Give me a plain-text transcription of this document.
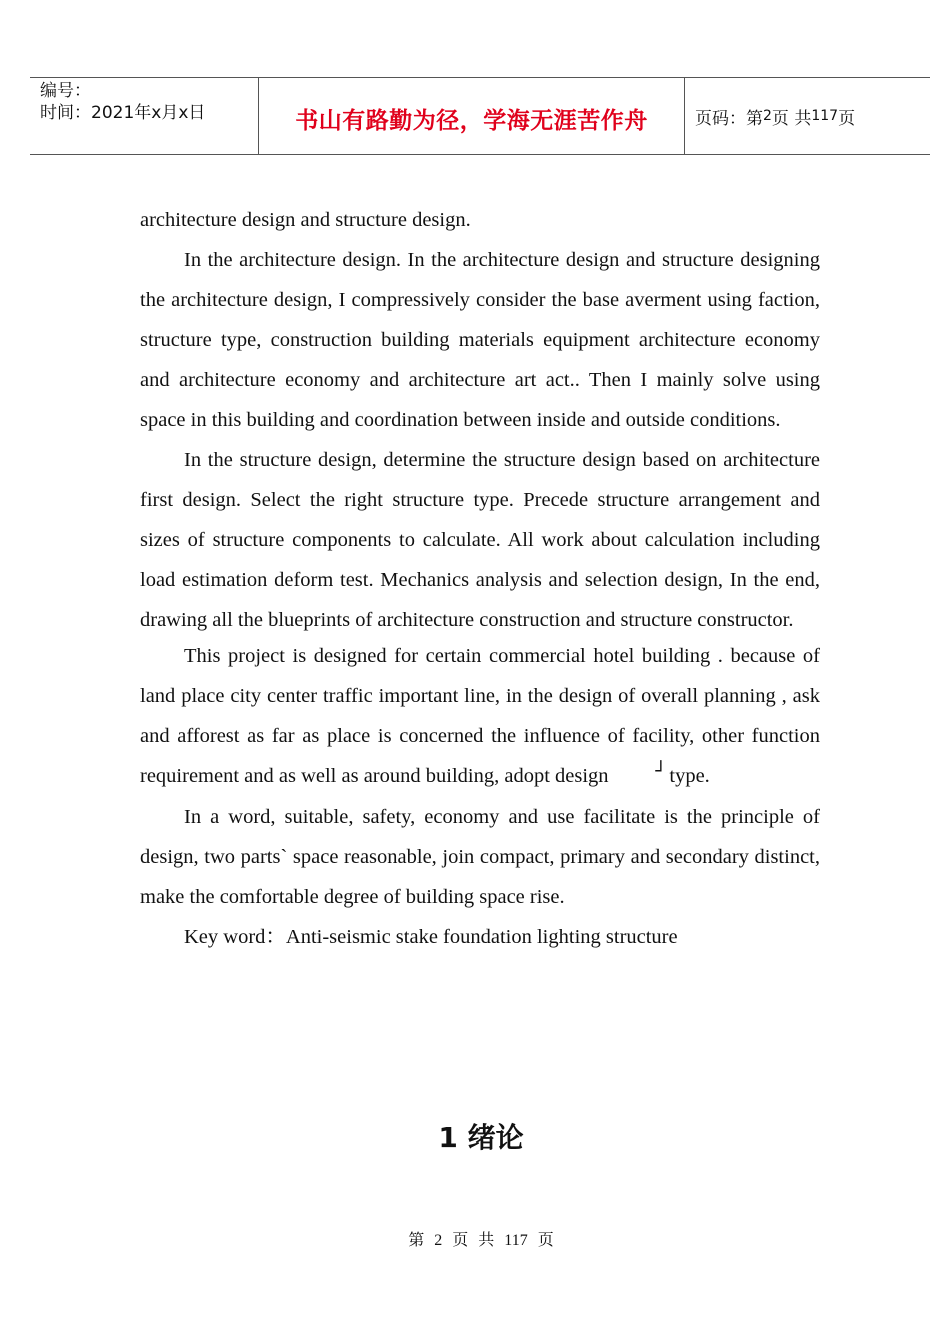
编号：
时间：2021年x月x日	书山有路勤为径，学海无涯苦作舟	页码：第 2 页 共 117 页

architecture design and structure design.

In the architecture design. In the architecture design and structure designing the architecture design, I compressively consider the base averment using faction, structure type, construction building materials equipment architecture economy and architecture economy and architecture art act.. Then I mainly solve using space in this building and coordination between inside and outside conditions.

In the structure design, determine the structure design based on architecture first design. Select the right structure type. Precede structure arrangement and sizes of structure components to calculate. All work about calculation including load estimation deform test. Mechanics analysis and selection design, In the end, drawing all the blueprints of architecture construction and structure constructor.

This project is designed for certain commercial hotel building . because of land place city center traffic important line, in the design of overall planning , ask and afforest as far as place is concerned the influence of facility, other function requirement and as well as around building, adopt design	┘ type.

In a word, suitable, safety, economy and use facilitate is the principle of design, two parts` space reasonable, join compact, primary and secondary distinct, make the comfortable degree of building space rise.

Key word：Anti-seismic stake foundation lighting structure

1 绪论
第 2 页 共 117 页
